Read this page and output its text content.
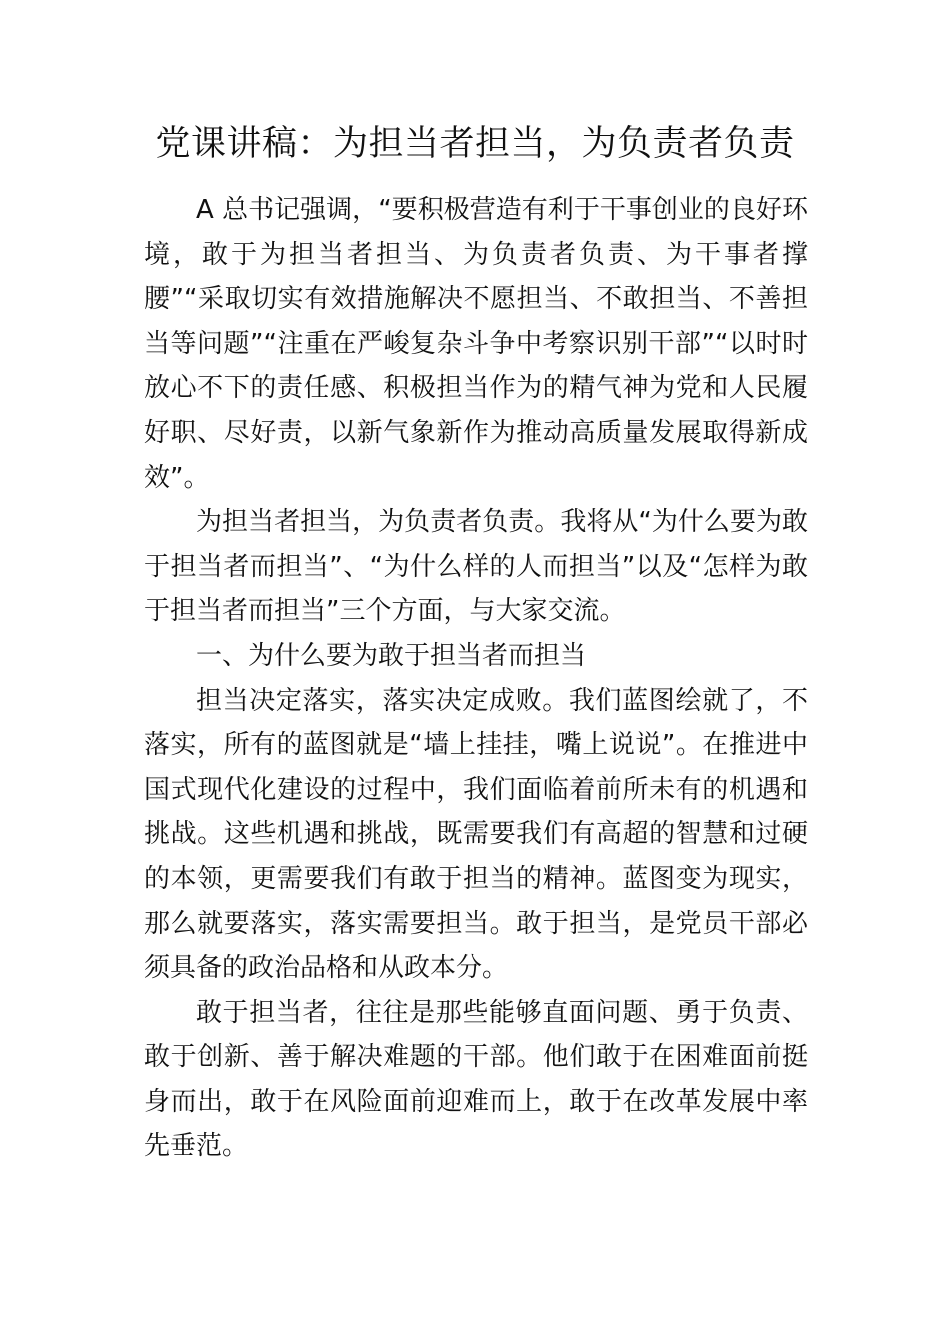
党课讲稿：为担当者担当，为负责者负责

A 总书记强调，“要积极营造有利于干事创业的良好环境，敢于为担当者担当、为负责者负责、为干事者撑腰”“采取切实有效措施解决不愿担当、不敢担当、不善担当等问题”“注重在严峻复杂斗争中考察识别干部”“以时时放心不下的责任感、积极担当作为的精气神为党和人民履好职、尽好责，以新气象新作为推动高质量发展取得新成效”。

为担当者担当，为负责者负责。我将从“为什么要为敢于担当者而担当”、“为什么样的人而担当”以及“怎样为敢于担当者而担当”三个方面，与大家交流。

一、为什么要为敢于担当者而担当

担当决定落实，落实决定成败。我们蓝图绘就了，不落实，所有的蓝图就是“墙上挂挂，嘴上说说”。在推进中国式现代化建设的过程中，我们面临着前所未有的机遇和挑战。这些机遇和挑战，既需要我们有高超的智慧和过硬的本领，更需要我们有敢于担当的精神。蓝图变为现实，那么就要落实，落实需要担当。敢于担当，是党员干部必须具备的政治品格和从政本分。

敢于担当者，往往是那些能够直面问题、勇于负责、敢于创新、善于解决难题的干部。他们敢于在困难面前挺身而出，敢于在风险面前迎难而上，敢于在改革发展中率先垂范。
